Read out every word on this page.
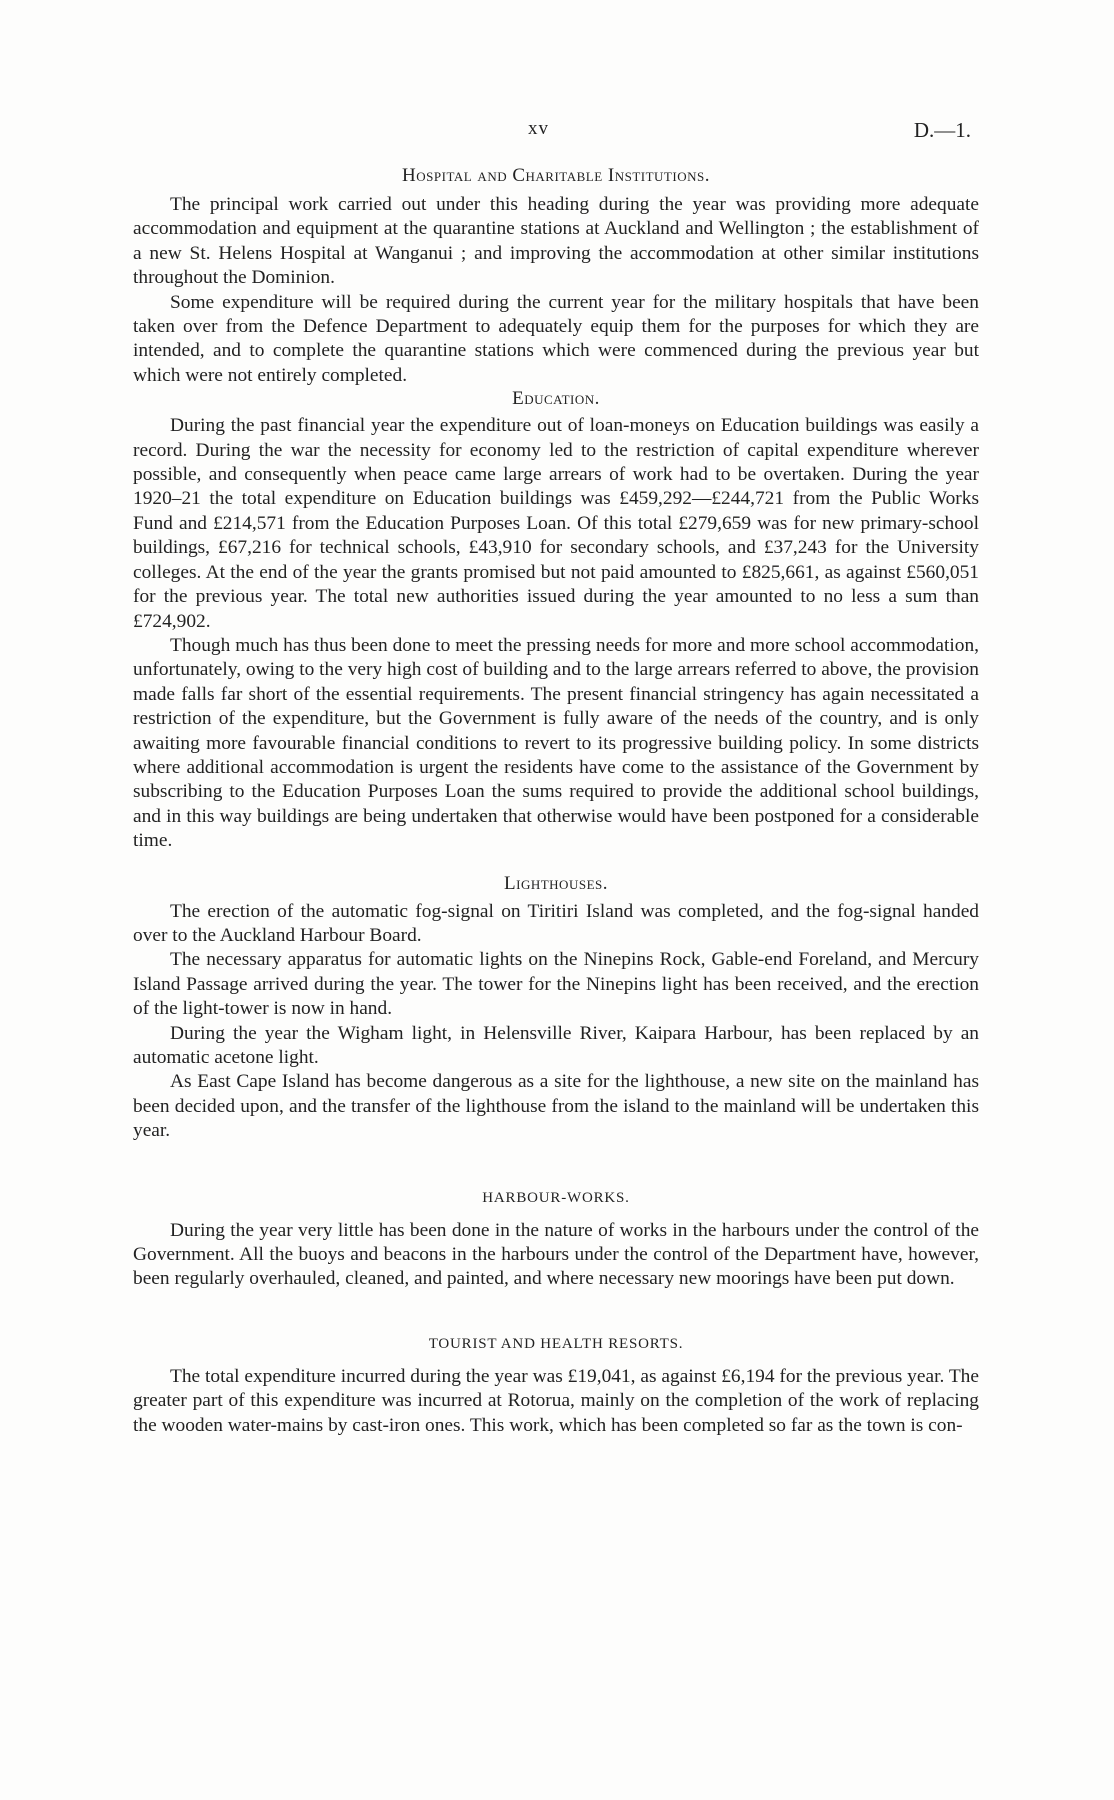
xv	D.—1.
Hospital and Charitable Institutions.

The principal work carried out under this heading during the year was providing more adequate accommodation and equipment at the quarantine stations at Auckland and Wellington ; the establishment of a new St. Helens Hospital at Wanganui ; and improving the accommodation at other similar institutions throughout the Dominion.

Some expenditure will be required during the current year for the military hospitals that have been taken over from the Defence Department to adequately equip them for the purposes for which they are intended, and to complete the quarantine stations which were commenced during the previous year but which were not entirely completed.

Education.

During the past financial year the expenditure out of loan-moneys on Education buildings was easily a record. During the war the necessity for economy led to the restriction of capital expenditure wherever possible, and consequently when peace came large arrears of work had to be overtaken. During the year 1920–21 the total expenditure on Education buildings was £459,292—£244,721 from the Public Works Fund and £214,571 from the Education Purposes Loan. Of this total £279,659 was for new primary-school buildings, £67,216 for technical schools, £43,910 for secondary schools, and £37,243 for the University colleges. At the end of the year the grants promised but not paid amounted to £825,661, as against £560,051 for the previous year. The total new authorities issued during the year amounted to no less a sum than £724,902.

Though much has thus been done to meet the pressing needs for more and more school accommodation, unfortunately, owing to the very high cost of building and to the large arrears referred to above, the provision made falls far short of the essential requirements. The present financial stringency has again necessitated a restriction of the expenditure, but the Government is fully aware of the needs of the country, and is only awaiting more favourable financial conditions to revert to its progressive building policy. In some districts where additional accommodation is urgent the residents have come to the assistance of the Government by subscribing to the Education Purposes Loan the sums required to provide the additional school buildings, and in this way buildings are being undertaken that otherwise would have been postponed for a considerable time.

Lighthouses.

The erection of the automatic fog-signal on Tiritiri Island was completed, and the fog-signal handed over to the Auckland Harbour Board.

The necessary apparatus for automatic lights on the Ninepins Rock, Gable-end Foreland, and Mercury Island Passage arrived during the year. The tower for the Ninepins light has been received, and the erection of the light-tower is now in hand.

During the year the Wigham light, in Helensville River, Kaipara Harbour, has been replaced by an automatic acetone light.

As East Cape Island has become dangerous as a site for the lighthouse, a new site on the mainland has been decided upon, and the transfer of the lighthouse from the island to the mainland will be undertaken this year.

HARBOUR-WORKS.

During the year very little has been done in the nature of works in the harbours under the control of the Government. All the buoys and beacons in the harbours under the control of the Department have, however, been regularly overhauled, cleaned, and painted, and where necessary new moorings have been put down.

TOURIST AND HEALTH RESORTS.

The total expenditure incurred during the year was £19,041, as against £6,194 for the previous year. The greater part of this expenditure was incurred at Rotorua, mainly on the completion of the work of replacing the wooden water-mains by cast-iron ones. This work, which has been completed so far as the town is con-
